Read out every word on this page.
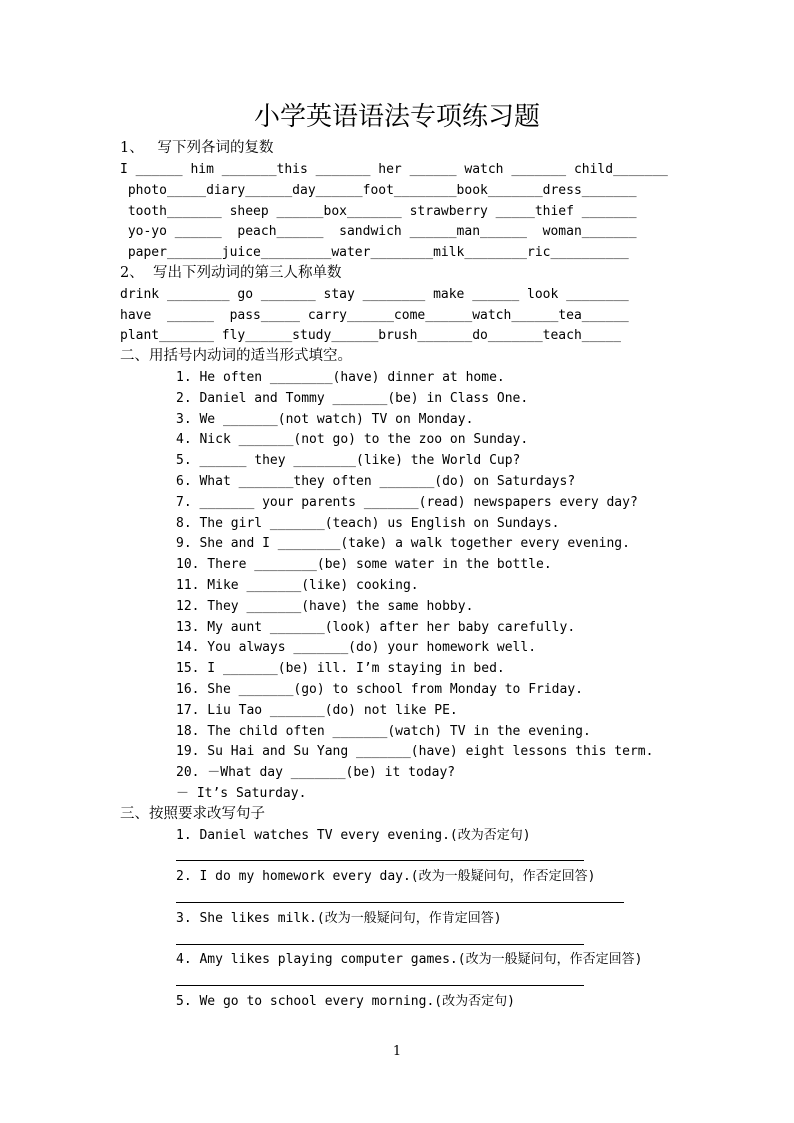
小学英语语法专项练习题
1、   写下列各词的复数
I ______ him _______this _______ her ______ watch _______ child_______
photo_____diary______day______foot________book_______dress_______
tooth_______ sheep ______box_______ strawberry _____thief _______
yo-yo ______  peach______  sandwich ______man______  woman_______
paper_______juice_________water________milk________ric__________
2、  写出下列动词的第三人称单数
drink ________ go _______ stay ________ make ______ look ________
have  ______  pass_____ carry______come______watch______tea______
plant_______ fly______study______brush_______do_______teach_____
二、用括号内动词的适当形式填空。
1. He often ________(have) dinner at home.
2. Daniel and Tommy _______(be) in Class One.
3. We _______(not watch) TV on Monday.
4. Nick _______(not go) to the zoo on Sunday.
5. ______ they ________(like) the World Cup?
6. What _______they often _______(do) on Saturdays?
7. _______ your parents _______(read) newspapers every day?
8. The girl _______(teach) us English on Sundays.
9. She and I ________(take) a walk together every evening.
10. There ________(be) some water in the bottle.
11. Mike _______(like) cooking.
12. They _______(have) the same hobby.
13. My aunt _______(look) after her baby carefully.
14. You always _______(do) your homework well.
15. I _______(be) ill. I’m staying in bed.
16. She _______(go) to school from Monday to Friday.
17. Liu Tao _______(do) not like PE.
18. The child often _______(watch) TV in the evening.
19. Su Hai and Su Yang _______(have) eight lessons this term.
20. －What day _______(be) it today?
－ It’s Saturday.
三、按照要求改写句子
1. Daniel watches TV every evening.(改为否定句)
2. I do my homework every day.(改为一般疑问句，作否定回答)
3. She likes milk.(改为一般疑问句，作肯定回答)
4. Amy likes playing computer games.(改为一般疑问句，作否定回答)
5. We go to school every morning.(改为否定句)
1
